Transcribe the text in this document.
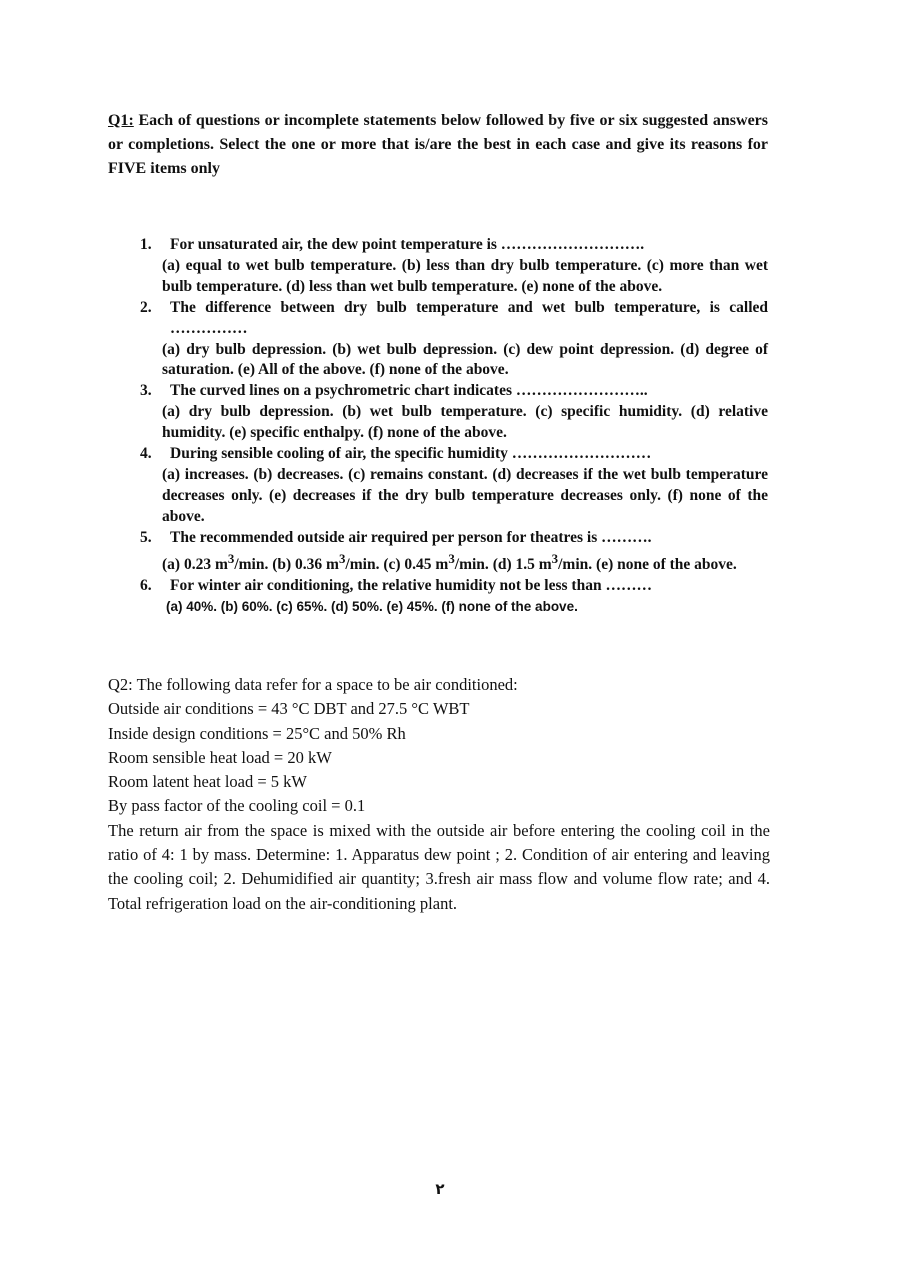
Q1: Each of questions or incomplete statements below followed by five or six suggested answers or completions. Select the one or more that is/are the best in each case and give its reasons for FIVE items only
1. For unsaturated air, the dew point temperature is ……………………….
(a) equal to wet bulb temperature. (b) less than dry bulb temperature. (c) more than wet bulb temperature. (d) less than wet bulb temperature. (e) none of the above.
2. The difference between dry bulb temperature and wet bulb temperature, is called ……………
(a) dry bulb depression. (b) wet bulb depression. (c) dew point depression. (d) degree of saturation. (e) All of the above. (f) none of the above.
3. The curved lines on a psychrometric chart indicates ……………………..
(a) dry bulb depression. (b) wet bulb temperature. (c) specific humidity. (d) relative humidity. (e) specific enthalpy. (f) none of the above.
4. During sensible cooling of air, the specific humidity ………………………
(a) increases. (b) decreases. (c) remains constant. (d) decreases if the wet bulb temperature decreases only. (e) decreases if the dry bulb temperature decreases only. (f) none of the above.
5. The recommended outside air required per person for theatres is ……….
(a) 0.23 $m^3/\min$. (b) 0.36 $m^3/\min$. (c) 0.45 $m^3/\min$. (d) 1.5 $m^3/\min$. (e) none of the above.
6. For winter air conditioning, the relative humidity not be less than ………
(a) 40%. (b) 60%. (c) 65%. (d) 50%. (e) 45%. (f) none of the above.
Q2: The following data refer for a space to be air conditioned:
Outside air conditions = 43 °C DBT and 27.5 °C WBT
Inside design conditions = 25°C and 50% Rh
Room sensible heat load = 20 kW
Room latent heat load = 5 kW
By pass factor of the cooling coil = 0.1
The return air from the space is mixed with the outside air before entering the cooling coil in the ratio of 4: 1 by mass. Determine: 1. Apparatus dew point ; 2. Condition of air entering and leaving the cooling coil; 2. Dehumidified air quantity; 3.fresh air mass flow and volume flow rate; and 4. Total refrigeration load on the air-conditioning plant.
٢
